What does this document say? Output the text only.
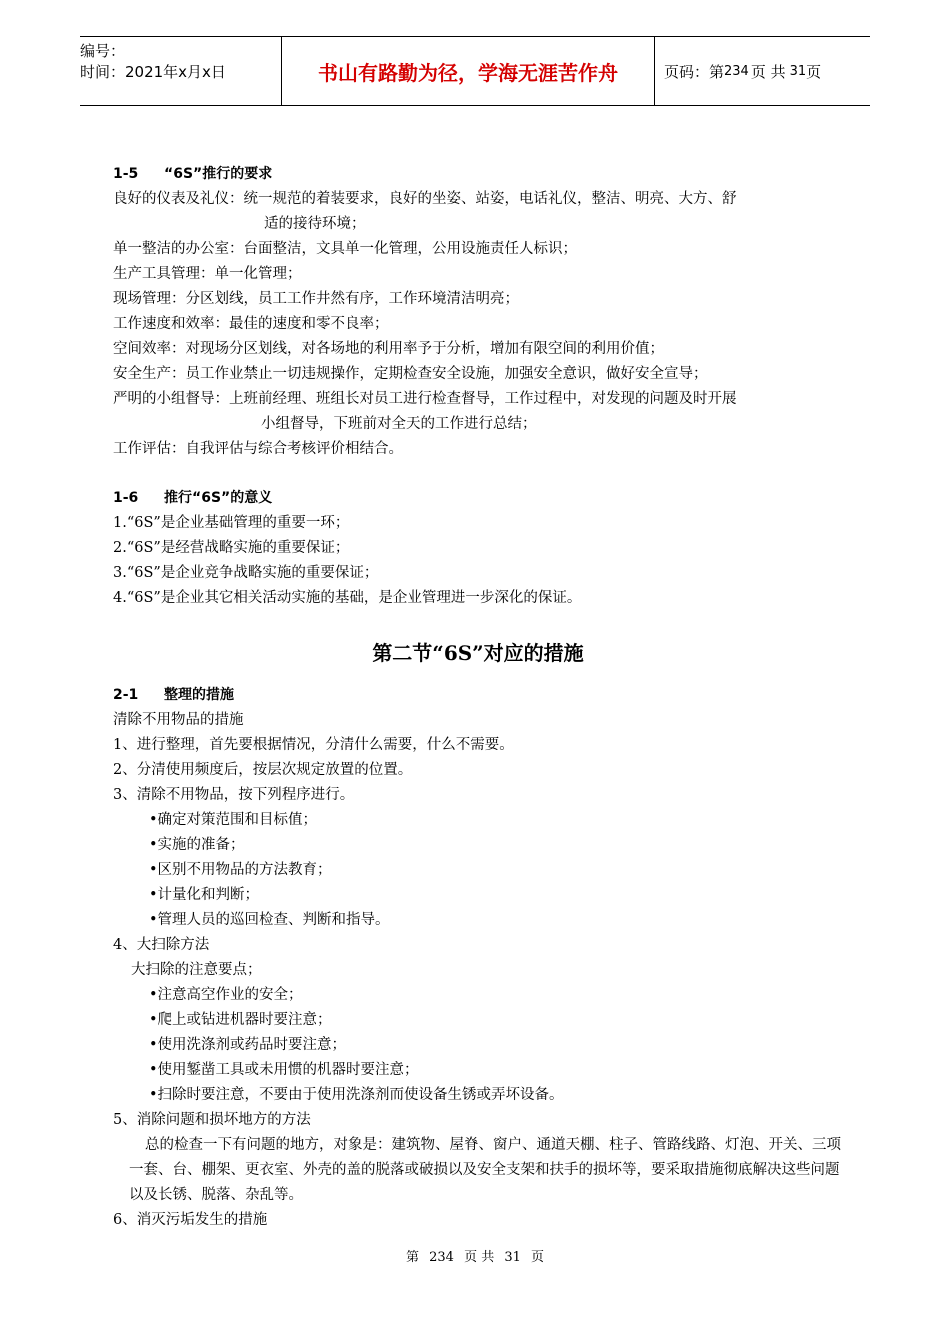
编号：
时间：2021年x月x日	书山有路勤为径，学海无涯苦作舟	页码：第 234 页 共 31 页
1-5 “6S”推行的要求
良好的仪表及礼仪：统一规范的着装要求，良好的坐姿、站姿，电话礼仪，整洁、明亮、大方、舒
适的接待环境；
单一整洁的办公室：台面整洁，文具单一化管理，公用设施责任人标识；
生产工具管理：单一化管理；
现场管理：分区划线，员工工作井然有序，工作环境清洁明亮；
工作速度和效率：最佳的速度和零不良率；
空间效率：对现场分区划线，对各场地的利用率予于分析，增加有限空间的利用价值；
安全生产：员工作业禁止一切违规操作，定期检查安全设施，加强安全意识，做好安全宣导；
严明的小组督导：上班前经理、班组长对员工进行检查督导，工作过程中，对发现的问题及时开展
小组督导，下班前对全天的工作进行总结；
工作评估：自我评估与综合考核评价相结合。
1-6 推行“6S”的意义
1.“6S”是企业基础管理的重要一环；
2.“6S”是经营战略实施的重要保证；
3.“6S”是企业竞争战略实施的重要保证；
4.“6S”是企业其它相关活动实施的基础，是企业管理进一步深化的保证。
第二节“6S”对应的措施
2-1 整理的措施
清除不用物品的措施
1、进行整理，首先要根据情况，分清什么需要，什么不需要。
2、分清使用频度后，按层次规定放置的位置。
3、清除不用物品，按下列程序进行。
•确定对策范围和目标值；
•实施的准备；
•区别不用物品的方法教育；
•计量化和判断；
•管理人员的巡回检查、判断和指导。
4、大扫除方法
大扫除的注意要点；
•注意高空作业的安全；
•爬上或钻进机器时要注意；
•使用洗涤剂或药品时要注意；
•使用錾凿工具或未用惯的机器时要注意；
•扫除时要注意，不要由于使用洗涤剂而使设备生锈或弄坏设备。
5、消除问题和损坏地方的方法
总的检查一下有问题的地方，对象是：建筑物、屋脊、窗户、通道天棚、柱子、管路线路、灯泡、开关、三项一套、台、棚架、更衣室、外壳的盖的脱落或破损以及安全支架和扶手的损坏等，要采取措施彻底解决这些问题以及长锈、脱落、杂乱等。
6、消灭污垢发生的措施
第 234 页 共 31 页
